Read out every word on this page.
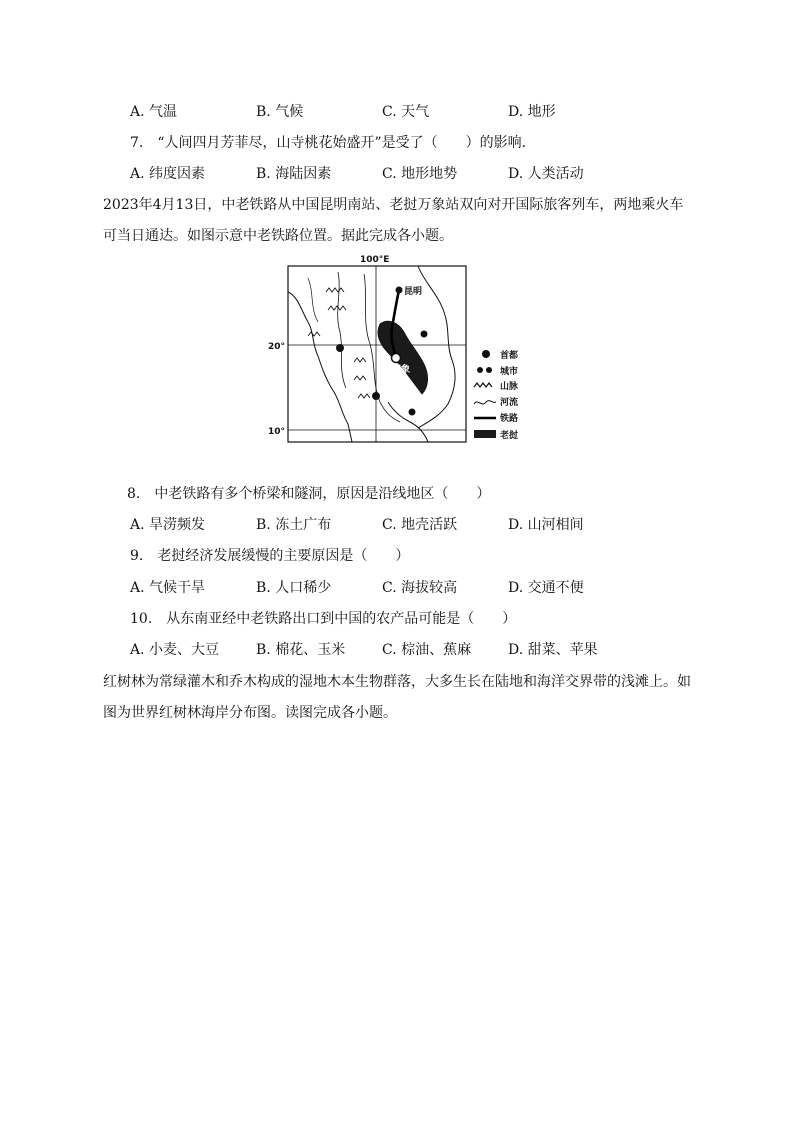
A. 气温	B. 气候	C. 天气	D. 地形
7.　“人间四月芳菲尽，山寺桃花始盛开”是受了（　　）的影响．
A. 纬度因素	B. 海陆因素	C. 地形地势	D. 人类活动
2023年4月13日，中老铁路从中国昆明南站、老挝万象站双向对开国际旅客列车，两地乘火车
可当日通达。如图示意中老铁路位置。据此完成各小题。
100°E
20°
10°
昆明
万象
首都
城市
山脉
河流
铁路
老挝
8.　中老铁路有多个桥梁和隧洞，原因是沿线地区（　　）
A. 旱涝频发	B. 冻土广布	C. 地壳活跃	D. 山河相间
9.　老挝经济发展缓慢的主要原因是（　　）
A. 气候干旱	B. 人口稀少	C. 海拔较高	D. 交通不便
10.　从东南亚经中老铁路出口到中国的农产品可能是（　　）
A. 小麦、大豆	B. 棉花、玉米	C. 棕油、蕉麻	D. 甜菜、苹果
红树林为常绿灌木和乔木构成的湿地木本生物群落，大多生长在陆地和海洋交界带的浅滩上。如
图为世界红树林海岸分布图。读图完成各小题。
